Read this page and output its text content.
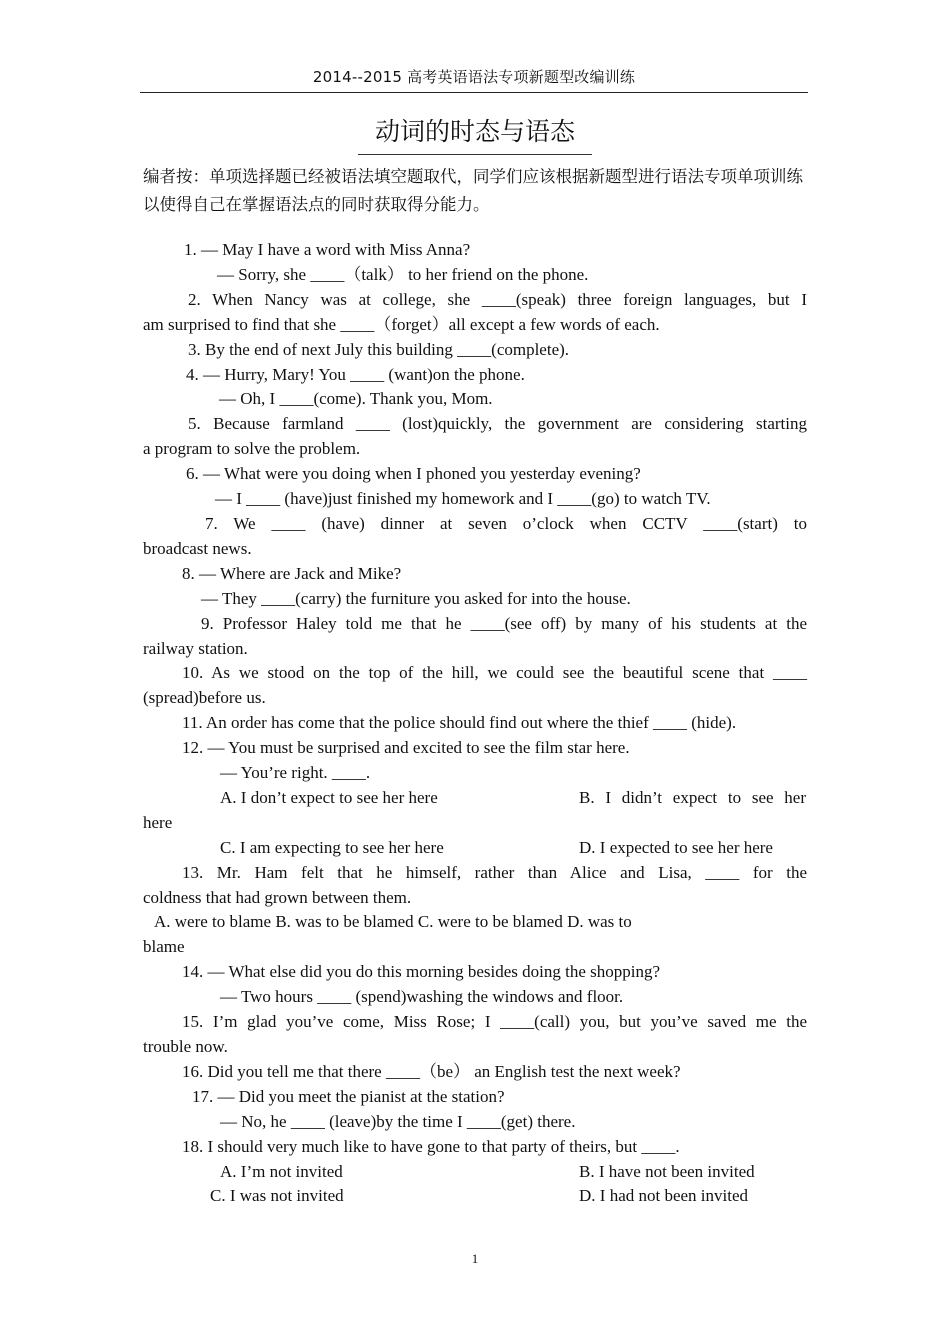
2014--2015 高考英语语法专项新题型改编训练
动词的时态与语态
编者按：单项选择题已经被语法填空题取代，同学们应该根据新题型进行语法专项单项训练以使得自己在掌握语法点的同时获取得分能力。
1. — May I have a word with Miss Anna?
— Sorry, she ____（talk） to her friend on the phone.
2. When Nancy was at college, she ____(speak) three foreign languages, but I
am surprised to find that she ____（forget）all except a few words of each.
3. By the end of next July this building ____(complete).
4. — Hurry, Mary! You ____ (want)on the phone.
— Oh, I ____(come). Thank you, Mom.
5. Because farmland ____ (lost)quickly, the government are considering starting
a program to solve the problem.
6. — What were you doing when I phoned you yesterday evening?
— I ____ (have)just finished my homework and I ____(go) to watch TV.
7. We ____ (have) dinner at seven o’clock when CCTV ____(start) to
broadcast news.
8. — Where are Jack and Mike?
— They ____(carry) the furniture you asked for into the house.
9. Professor Haley told me that he ____(see off) by many of his students at the
railway station.
10. As we stood on the top of the hill, we could see the beautiful scene that ____
(spread)before us.
11. An order has come that the police should find out where the thief ____ (hide).
12. — You must be surprised and excited to see the film star here.
— You’re right. ____.
A. I don’t expect to see her here	B. I didn’t expect to see her
here
C. I am expecting to see her here	D. I expected to see her here
13. Mr. Ham felt that he himself, rather than Alice and Lisa, ____ for the
coldness that had grown between them.
A. were to blame B. was to be blamed C. were to be blamed D. was to
blame
14. — What else did you do this morning besides doing the shopping?
— Two hours ____ (spend)washing the windows and floor.
15. I’m glad you’ve come, Miss Rose; I ____(call) you, but you’ve saved me the
trouble now.
16. Did you tell me that there ____（be） an English test the next week?
17. — Did you meet the pianist at the station?
— No, he ____ (leave)by the time I ____(get) there.
18. I should very much like to have gone to that party of theirs, but ____.
A. I’m not invited	B. I have not been invited
C. I was not invited	D. I had not been invited
1
